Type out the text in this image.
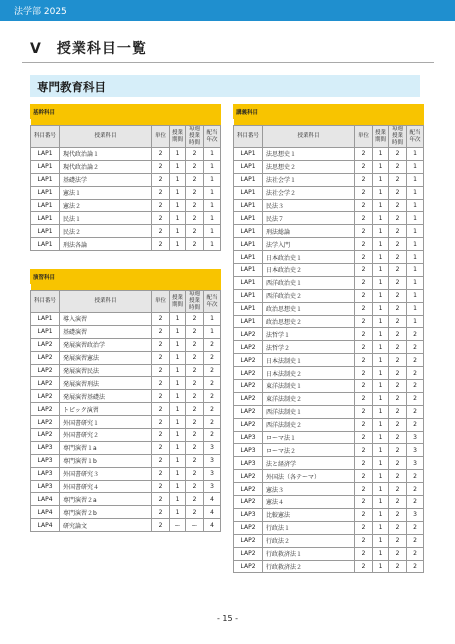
法学部 2025
Ⅴ　授業科目一覧
専門教育科目
基幹科目					

科目番号	授業科目	単位	授業期間	毎週授業時間	配当年次
LAP1	現代政治論１	2	1	2	1
LAP1	現代政治論２	2	1	2	1
LAP1	基礎法学	2	1	2	1
LAP1	憲法１	2	1	2	1
LAP1	憲法２	2	1	2	1
LAP1	民法１	2	1	2	1
LAP1	民法２	2	1	2	1
LAP1	刑法各論	2	1	2	1
演習科目					

科目番号	授業科目	単位	授業期間	毎週授業時間	配当年次
LAP1	導入演習	2	1	2	1
LAP1	基礎演習	2	1	2	1
LAP2	発展演習政治学	2	1	2	2
LAP2	発展演習憲法	2	1	2	2
LAP2	発展演習民法	2	1	2	2
LAP2	発展演習刑法	2	1	2	2
LAP2	発展演習基礎法	2	1	2	2
LAP2	トピック演習	2	1	2	2
LAP2	外国書研究１	2	1	2	2
LAP2	外国書研究２	2	1	2	2
LAP3	専門演習１a	2	1	2	3
LAP3	専門演習１b	2	1	2	3
LAP3	外国書研究３	2	1	2	3
LAP3	外国書研究４	2	1	2	3
LAP4	専門演習２a	2	1	2	4
LAP4	専門演習２b	2	1	2	4
LAP4	研究論文	2	ー	ー	4
講義科目					

科目番号	授業科目	単位	授業期間	毎週授業時間	配当年次
LAP1	法思想史１	2	1	2	1
LAP1	法思想史２	2	1	2	1
LAP1	法社会学１	2	1	2	1
LAP1	法社会学２	2	1	2	1
LAP1	民法３	2	1	2	1
LAP1	民法７	2	1	2	1
LAP1	刑法総論	2	1	2	1
LAP1	法学入門	2	1	2	1
LAP1	日本政治史１	2	1	2	1
LAP1	日本政治史２	2	1	2	1
LAP1	西洋政治史１	2	1	2	1
LAP1	西洋政治史２	2	1	2	1
LAP1	政治思想史１	2	1	2	1
LAP1	政治思想史２	2	1	2	1
LAP2	法哲学１	2	1	2	2
LAP2	法哲学２	2	1	2	2
LAP2	日本法制史１	2	1	2	2
LAP2	日本法制史２	2	1	2	2
LAP2	東洋法制史１	2	1	2	2
LAP2	東洋法制史２	2	1	2	2
LAP2	西洋法制史１	2	1	2	2
LAP2	西洋法制史２	2	1	2	2
LAP3	ローマ法１	2	1	2	3
LAP3	ローマ法２	2	1	2	3
LAP3	法と経済学	2	1	2	3
LAP2	外国法（各テーマ）	2	1	2	2
LAP2	憲法３	2	1	2	2
LAP2	憲法４	2	1	2	2
LAP3	比較憲法	2	1	2	3
LAP2	行政法１	2	1	2	2
LAP2	行政法２	2	1	2	2
LAP2	行政救済法１	2	1	2	2
LAP2	行政救済法２	2	1	2	2
- 15 -
